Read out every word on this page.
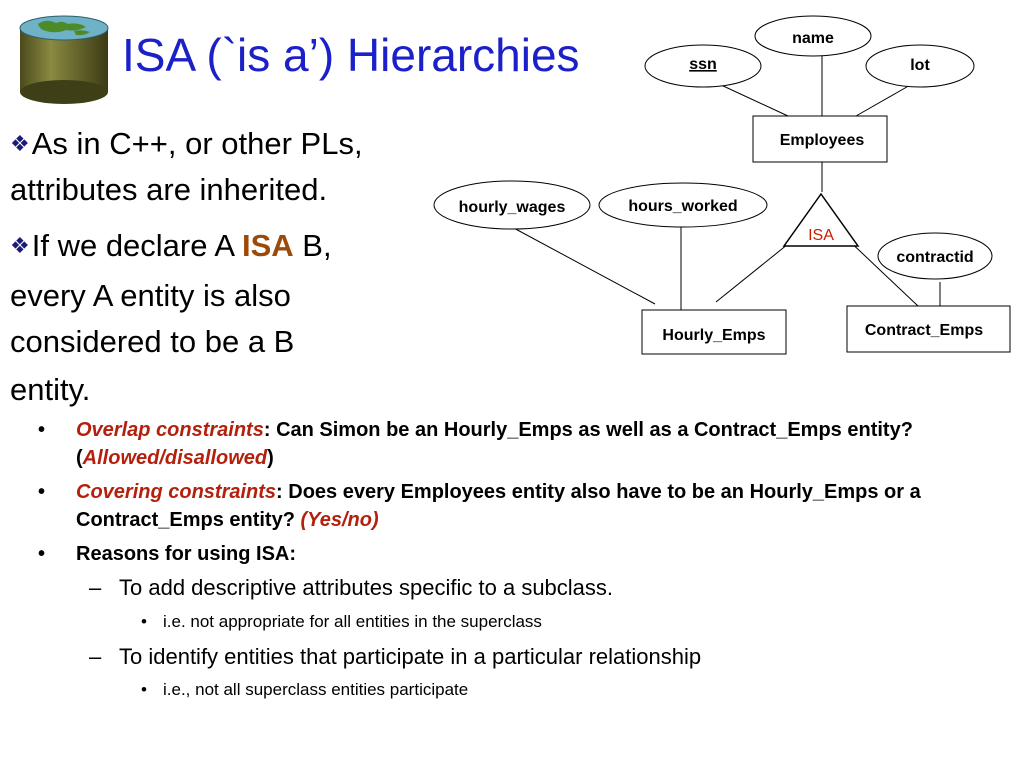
ISA (`is a’) Hierarchies
❖As in C++, or other PLs,
attributes are inherited.
❖If we declare A ISA B,
every A entity is also
considered to be a B
entity.
name
ssn	lot
Employees
hourly_wages	hours_worked
ISA
contractid
Hourly_Emps	Contract_Emps
• Overlap constraints: Can Simon be an Hourly_Emps as well as a Contract_Emps entity? (Allowed/disallowed)
• Covering constraints: Does every Employees entity also have to be an Hourly_Emps or a Contract_Emps entity? (Yes/no)
• Reasons for using ISA:
– To add descriptive attributes specific to a subclass.
• i.e. not appropriate for all entities in the superclass
– To identify entities that participate in a particular relationship
• i.e., not all superclass entities participate
